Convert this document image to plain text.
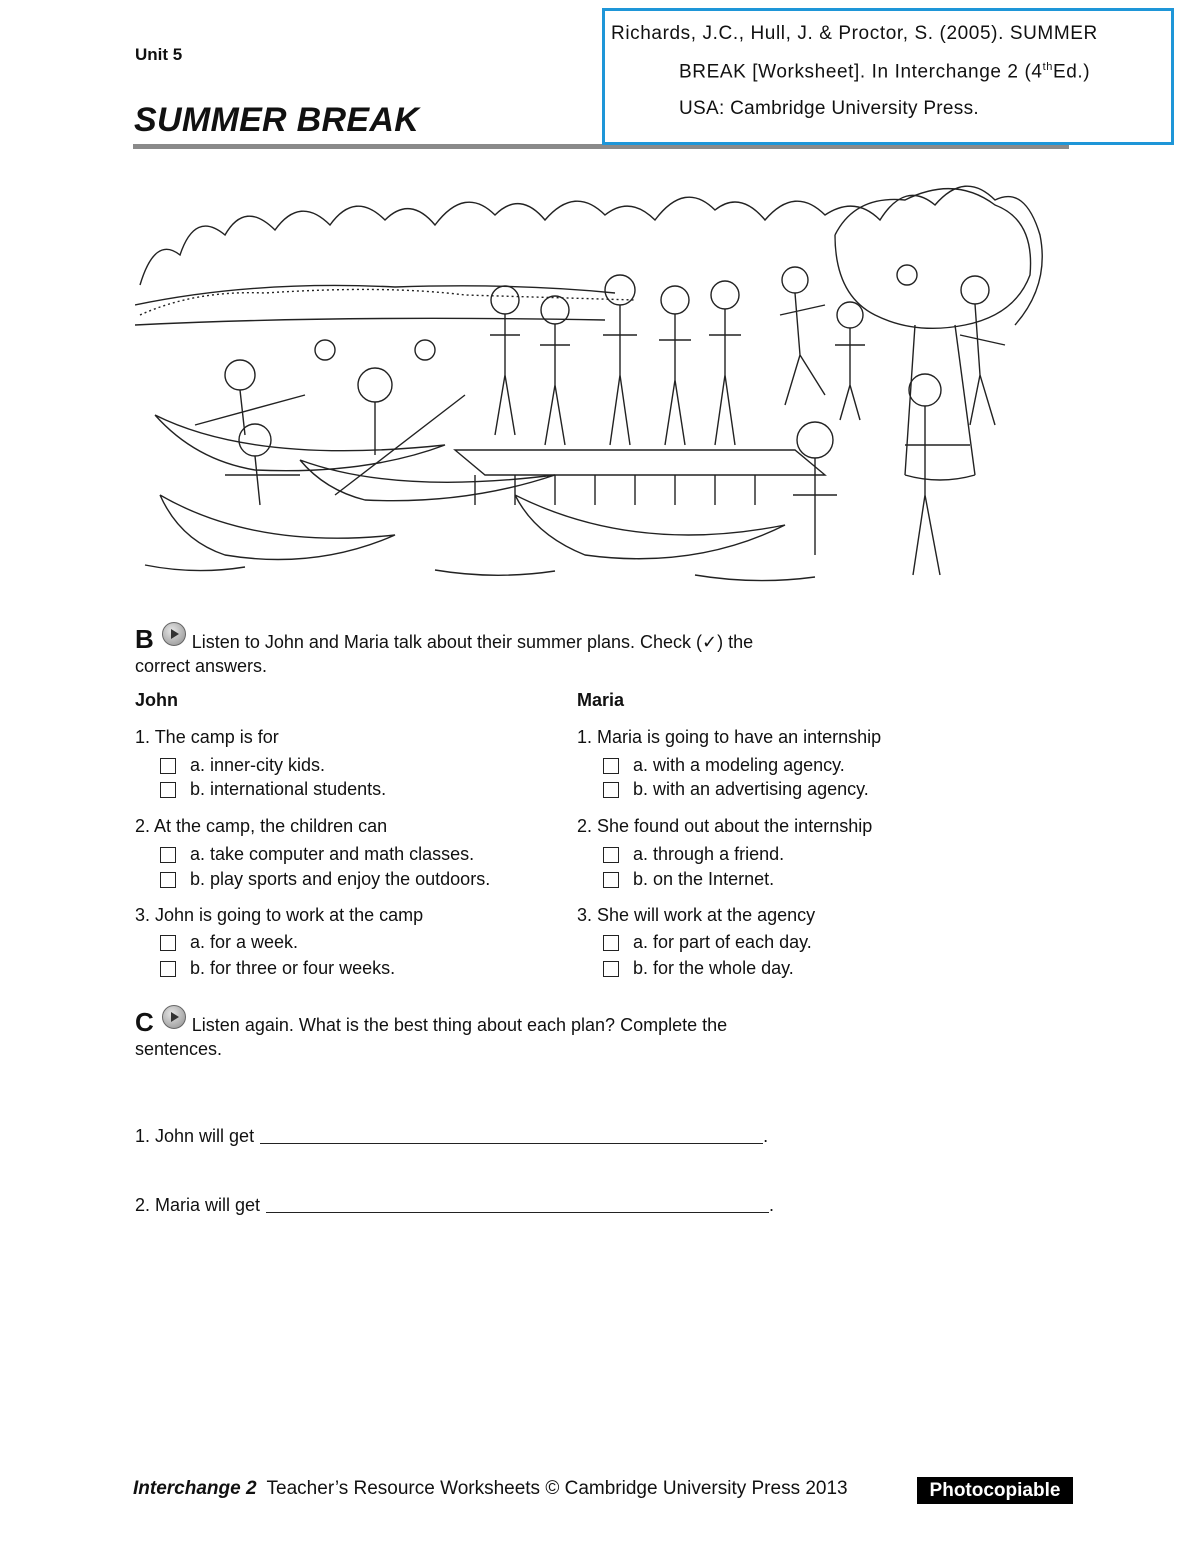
Unit 5
SUMMER BREAK
Richards, J.C., Hull, J. & Proctor, S. (2005). SUMMER
BREAK [Worksheet]. In Interchange 2 (4thEd.)
USA: Cambridge University Press.
B Listen to John and Maria talk about their summer plans. Check (✓) the
correct answers.
John	Maria
1. The camp is for
a. inner-city kids.
b. international students.
2. At the camp, the children can
a. take computer and math classes.
b. play sports and enjoy the outdoors.
3. John is going to work at the camp
a. for a week.
b. for three or four weeks.
1. Maria is going to have an internship
a. with a modeling agency.
b. with an advertising agency.
2. She found out about the internship
a. through a friend.
b. on the Internet.
3. She will work at the agency
a. for part of each day.
b. for the whole day.
C Listen again. What is the best thing about each plan? Complete the
sentences.
1. John will get	.
2. Maria will get	.
Interchange 2 Teacher’s Resource Worksheets © Cambridge University Press 2013	Photocopiable
